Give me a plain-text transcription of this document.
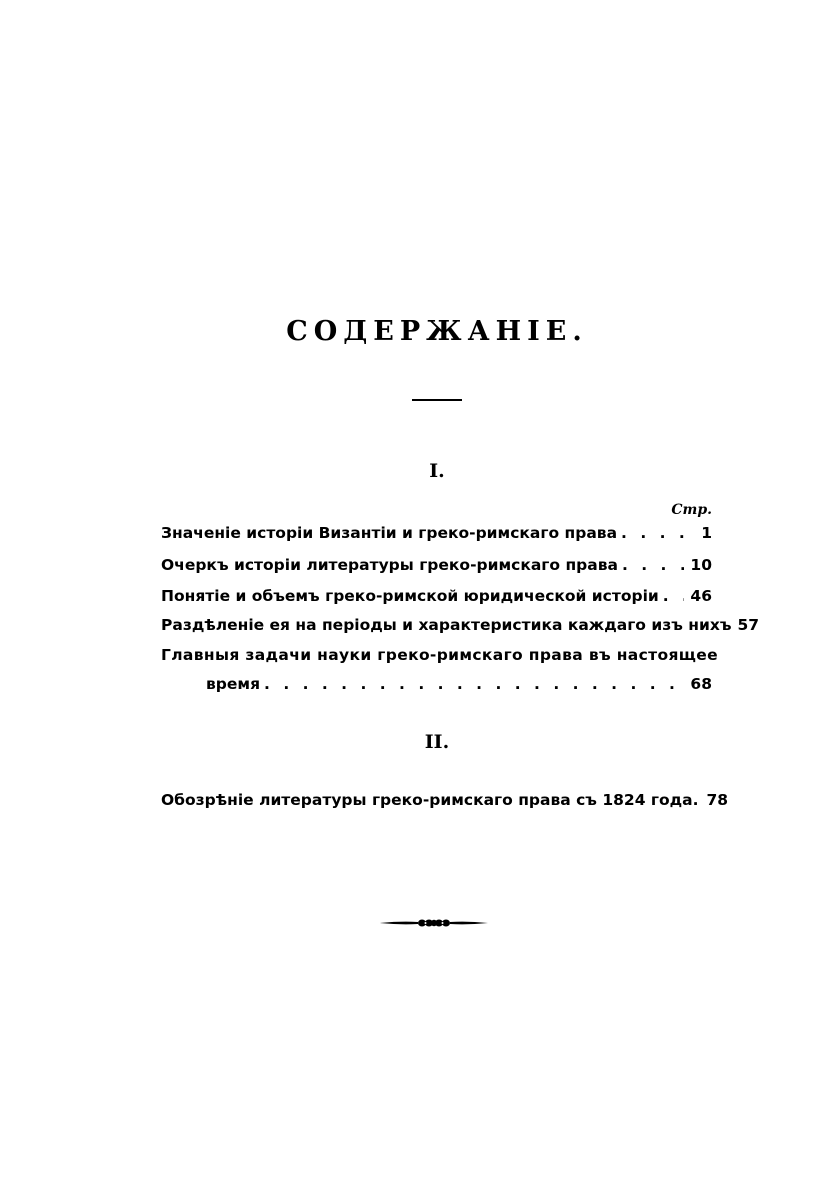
СОДЕРЖАНІЕ.
I.
Стр.
Значеніе исторіи Византіи и греко-римскаго права . . .	1
Очеркъ исторіи литературы греко-римскаго права . . .	10
Понятіе и объемъ греко-римской юридической исторіи . . . 46
Раздѣленіе ея на періоды и характеристика каждаго изъ нихъ 57
Главныя задачи науки греко-римскаго права въ настоящее
время . . .	68
II.
Обозрѣніе литературы греко-римскаго права съ 1824 года. 78
